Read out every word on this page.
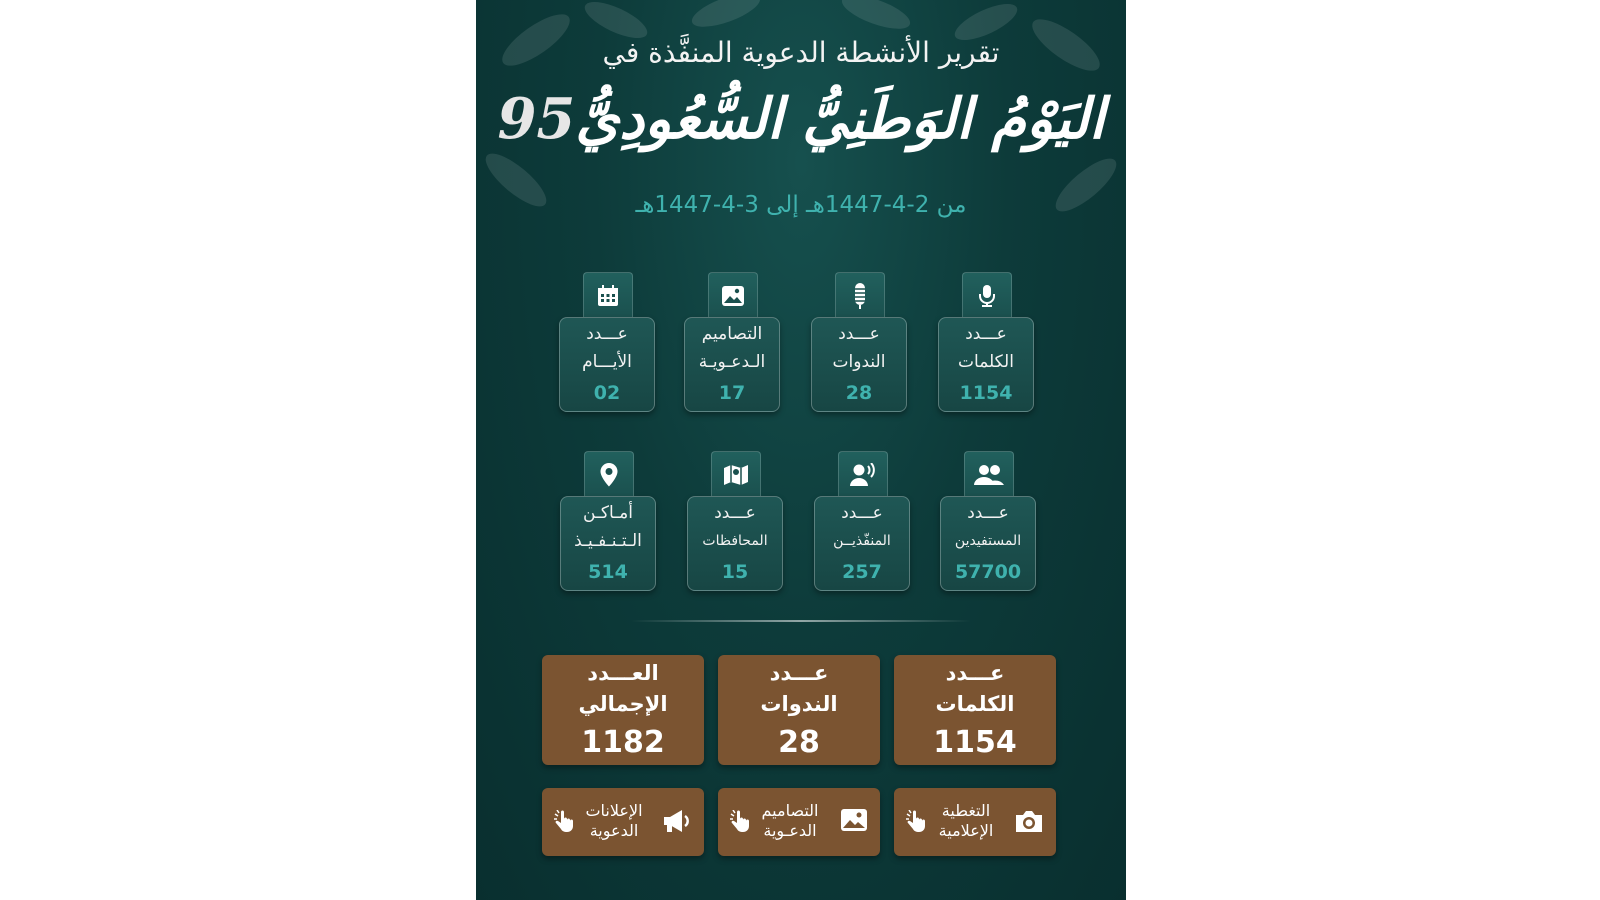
تقرير الأنشطة الدعوية المنفَّذة في
اليَوْمُ الوَطَنِيُّ السُّعُودِيُّ95
من 2-4-1447هـ إلى 3-4-1447هـ
عـــدد
الكلمات
1154
عـــدد
الندوات
28
التصاميم
الـدعـويـة
17
عـــدد
الأيـــام
02
عـــدد
المستفيدين
57700
عـــدد
المنفّذيــن
257
عـــدد
المحافظات
15
أمـاكـن
الـتـنـفـيـذ
514
عـــدد
الكلمات
1154
عـــدد
الندوات
28
العـــدد
الإجمالي
1182
التغطية
الإعلامية
التصاميم
الدعـوية
الإعلانات
الدعوية
